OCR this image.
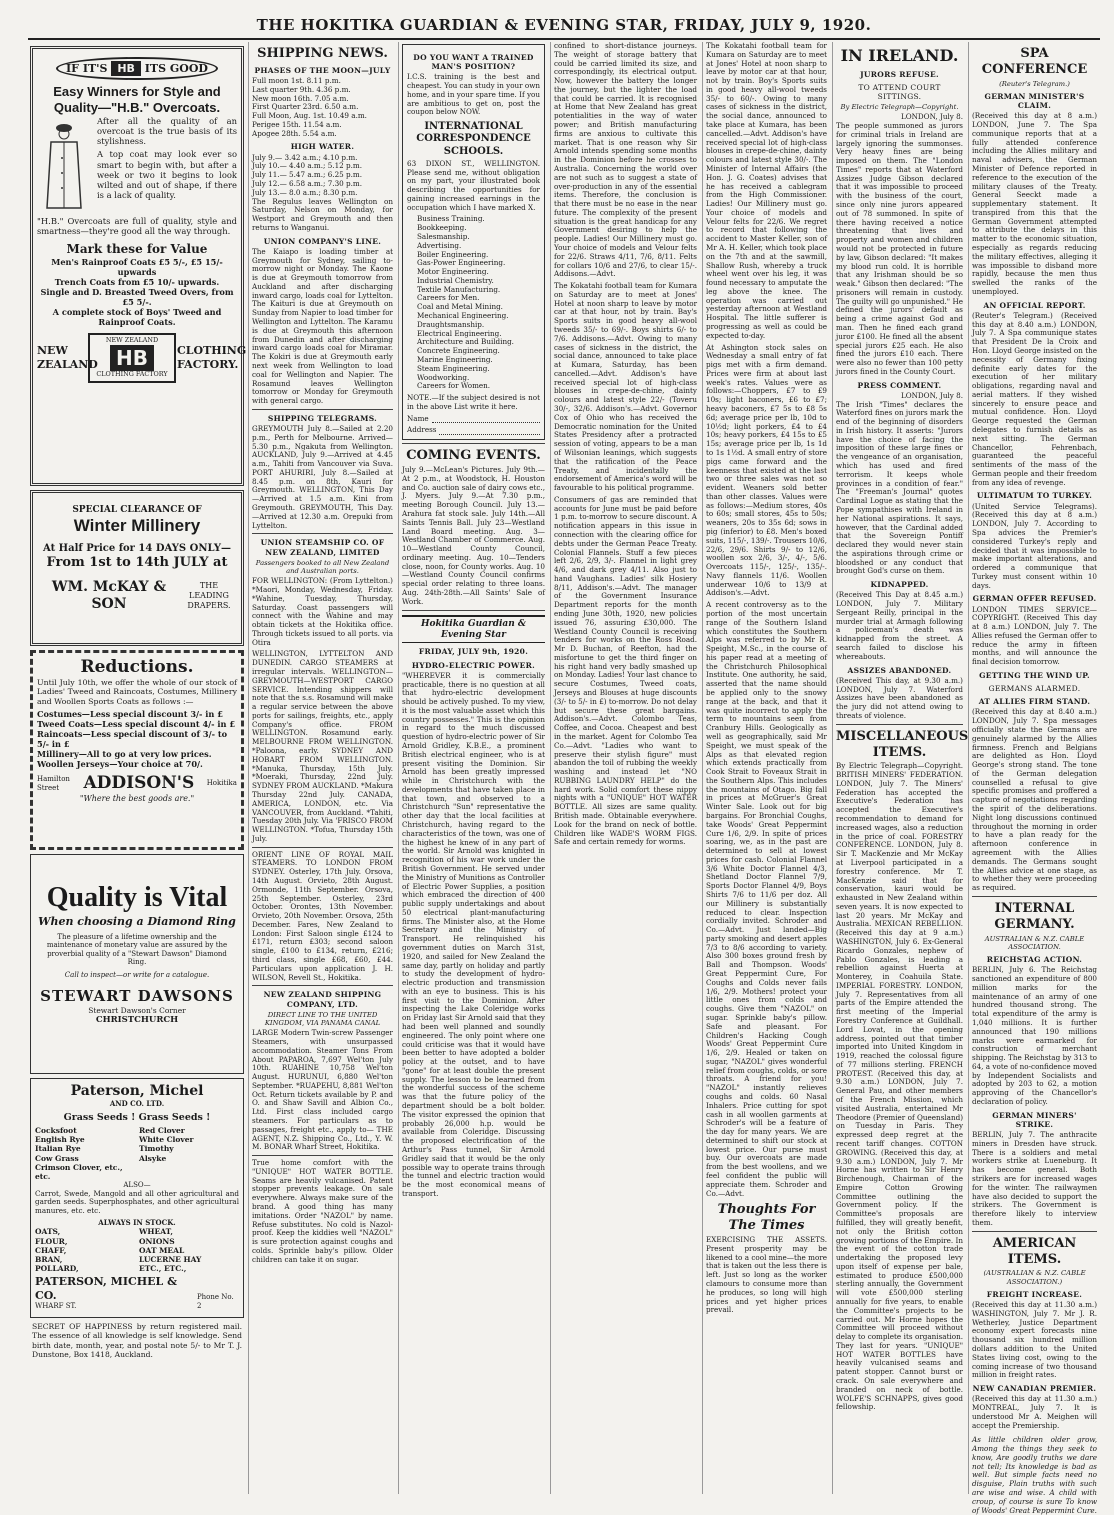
THE HOKITIKA GUARDIAN & EVENING STAR, FRIDAY, JULY 9, 1920.
IF IT'S HB ITS GOOD
Easy Winners for Style and Quality—"H.B." Overcoats.
After all the quality of an overcoat is the true basis of its stylishness.
A top coat may look ever so smart to begin with, but after a week or two it begins to look wilted and out of shape, if there is a lack of quality.
"H.B." Overcoats are full of quality, style and smartness—they're good all the way through.
Mark these for Value
Men's Rainproof Coats £5 5/-, £5 15/- upwards
Trench Coats from £5 10/- upwards.
Single and D. Breasted Tweed Overs, from £5 5/-.
A complete stock of Boys' Tweed and Rainproof Coats.
NEW ZEALAND
NEW ZEALAND
HB
CLOTHING FACTORY
CLOTHING FACTORY.
SPECIAL CLEARANCE OF
Winter Millinery
At Half Price for 14 DAYS ONLY—
From 1st to 14th JULY at
WM. McKAY & SON
THE LEADING DRAPERS.
Reductions.
Until July 10th, we offer the whole of our stock of Ladies' Tweed and Raincoats, Costumes, Millinery and Woollen Sports Coats as follows :—
Costumes—Less special discount 3/- in £
Tweed Coats—Less special discount 4/- in £
Raincoats—Less special discount of 3/- to 5/- in £
Millinery—All to go at very low prices.
Woollen Jerseys—Your choice at 70/.
Hamilton Street	ADDISON'S Hokitika
"Where the best goods are."
Quality is Vital
When choosing a Diamond Ring
The pleasure of a lifetime ownership and the maintenance of monetary value are assured by the proverbial quality of a "Stewart Dawson" Diamond Ring.
Call to inspect—or write for a catalogue.
STEWART DAWSONS
Stewart Dawson's Corner
CHRISTCHURCH
Paterson, Michel
AND CO. LTD.
Grass Seeds ! Grass Seeds !
Cocksfoot
English Rye
Italian Rye
Cow Grass
Crimson Clover, etc., etc.
Red Clover
White Clover
Timothy
Alsyke
ALSO—
Carrot, Swede, Mangold and all other agricultural and garden seeds. Superphosphates, and other agricultural manures, etc. etc.
ALWAYS IN STOCK.
OATS,
FLOUR,
CHAFF,
BRAN,
POLLARD,
WHEAT,
ONIONS
OAT MEAL
LUCERNE HAY
ETC., ETC.,
PATERSON, MICHEL & CO.
WHARF ST.
Phone No. 2
SECRET OF HAPPINESS by return registered mail. The essence of all knowledge is self knowledge. Send birth date, month, year, and postal note 5/- to Mr T. J. Dunstone, Box 1418, Auckland.
SHIPPING NEWS.
PHASES OF THE MOON—JULY
Full moon 1st. 8.11 p.m.
Last quarter 9th. 4.36 p.m.
New moon 16th. 7.05 a.m.
First Quarter 23rd. 6.50 a.m.
Full Moon, Aug. 1st. 10.49 a.m.
Perigee 15th. 11.54 a.m.
Apogee 28th. 5.54 a.m.
HIGH WATER.
July 9.— 3.42 a.m.; 4.10 p.m.
July 10.— 4.40 a.m.; 5.12 p.m.
July 11.— 5.47 a.m.; 6.25 p.m.
July 12.— 6.58 a.m.; 7.30 p.m.
July 13.— 8.0 a.m.; 8.30 p.m.
The Regulus leaves Wellington on Saturday, Nelson on Monday, for Westport and Greymouth and then returns to Wanganui.
UNION COMPANY'S LINE.
The Kaiapo is loading timber at Greymouth for Sydney, sailing to-morrow night or Monday. The Kaone is due at Greymouth tomorrow from Auckland and after discharging inward cargo, loads coal for Lyttelton. The Kaituri is due at Greymouth on Sunday from Napier to load timber for Wellington and Lyttelton. The Karamu is due at Greymouth this afternoon from Dunedin and after discharging inward cargo loads coal for Miramar. The Kokiri is due at Greymouth early next week from Wellington to load coal for Wellington and Napier. The Rosamund leaves Wellington tomorrow or Monday for Greymouth with general cargo.
SHIPPING TELEGRAMS.
GREYMOUTH July 8.—Sailed at 2.20 p.m., Perth for Melbourne. Arrived—5.30 p.m., Ngakuta from Wellington. AUCKLAND, July 9.—Arrived at 4.45 a.m., Tahiti from Vancouver via Suva. PORT AHURIRI, July 8.—Sailed at 8.45 p.m. on 8th, Kauri for Greymouth. WELLINGTON, This Day—Arrived at 1.5 a.m. Kini from Greymouth. GREYMOUTH, This Day.—Arrived at 12.30 a.m. Orepuki from Lyttelton.
UNION STEAMSHIP CO. OF NEW ZEALAND, LIMITED
Passengers booked to all New Zealand and Australian ports.
FOR WELLINGTON: (From Lyttelton.) *Maori, Monday, Wednesday, Friday. *Wahine, Tuesday, Thursday, Saturday. Coast passengers will connect with the Wahine and may obtain tickets at the Hokitika office. Through tickets issued to all ports. via Otira
WELLINGTON, LYTTELTON AND DUNEDIN. CARGO STEAMERS at irregular intervals. WELLINGTON—GREYMOUTH—WESTPORT CARGO SERVICE. Intending shippers will note that the s.s. Rosamund will make a regular service between the above ports for sailings, freights, etc., apply Company's office. FROM WELLINGTON. Rosamund early. MELBOURNE FROM WELLINGTON. *Paloona, early. SYDNEY AND HOBART FROM WELLINGTON. *Manuka, Thursday, 15th July. *Moeraki, Thursday, 22nd July. SYDNEY FROM AUCKLAND. *Makura Thursday 22nd July. CANADA, AMERICA, LONDON, etc. Via VANCOUVER, from Auckland. *Tahiti, Tuesday 20th July. Via 'FRISCO FROM WELLINGTON. *Tofua, Thursday 15th July.
ORIENT LINE OF ROYAL MAIL STEAMERS. TO LONDON FROM SYDNEY. Osterley, 17th July. Orsova, 14th August. Orvieto, 28th August. Ormonde, 11th September. Orsova, 25th September. Osterley, 23rd October. Orontes, 13th November. Orvieto, 20th November. Orsova, 25th December. Fares, New Zealand to London: First Saloon single £124 to £171, return £303; second saloon single, £100 to £134, return, £216; third class, single £68, £60, £44. Particulars upon application J. H. WILSON, Revell St., Hokitika.
NEW ZEALAND SHIPPING COMPANY, LTD.
DIRECT LINE TO THE UNITED KINGDOM, VIA PANAMA CANAL
LARGE Modern Twin-screw Passenger Steamers, with unsurpassed accommodation. Steamer Tons From About PAPAROA, 7,697 Wel'ton July 10th. RUAHINE 10,758 Wel'ton August. HURUNUI, 6,880 Wel'ton September. *RUAPEHU, 8,881 Wel'ton Oct. Return tickets available by P. and O. and Shaw Savill and Albion Co., Ltd. First class included cargo steamers. For particulars as to passages, freight etc., apply to— THE AGENT, N.Z. Shipping Co., Ltd., Y. W. M. BONAR Wharf Street, Hokitika.
True home comfort with the "UNIQUE" HOT WATER BOTTLE. Seams are heavily vulcanised. Patent stopper prevents leakage. On sale everywhere. Always make sure of the brand. A good thing has many imitations. Order "NAZOL" by name. Refuse substitutes. No cold is Nazol-proof. Keep the kiddies well "NAZOL" is sure protection against coughs and colds. Sprinkle baby's pillow. Older children can take it on sugar.
DO YOU WANT A TRAINED MAN'S POSITION?
I.C.S. training is the best and cheapest. You can study in your own home, and in your spare time. If you are ambitious to get on, post the coupon below NOW.
INTERNATIONAL CORRESPONDENCE SCHOOLS.
63 DIXON ST., WELLINGTON. Please send me, without obligation on my part, your illustrated book describing the opportunities for gaining increased earnings in the occupation which I have marked X.
Business Training.
Bookkeeping.
Salesmanship.
Advertising.
Boiler Engineering.
Gas-Power Engineering.
Motor Engineering.
Industrial Chemistry.
Textile Manufacturing.
Careers for Men.
Coal and Metal Mining.
Mechanical Engineering.
Draughtsmanship.
Electrical Engineering.
Architecture and Building.
Concrete Engineering.
Marine Engineering.
Steam Engineering.
Woodworking.
Careers for Women.
NOTE.—If the subject desired is not in the above List write it here.
Name
Address
COMING EVENTS.
July 9.—McLean's Pictures. July 9th.—At 2 p.m., at Woodstock, H. Houston and Co. auction sale of dairy cows etc., J. Myers. July 9.—At 7.30 p.m., meeting Borough Council. July 13.—Arahura fat stock sale. July 14th.—All Saints Tennis Ball. July 23—Westland Land Board meeting. Aug. 3—Westland Chamber of Commerce. Aug. 10—Westland County Council, ordinary meeting. Aug. 10—Tenders close, noon, for County works. Aug. 10—Westland County Council confirms special order relating to three loans. Aug. 24th-28th.—All Saints' Sale of Work.
Hokitika Guardian & Evening Star
FRIDAY, JULY 9th, 1920.
HYDRO-ELECTRIC POWER.
"WHEREVER it is commercially practicable, there is no question at all that hydro-electric development should be actively pushed. To my view, it is the most valuable asset which this country possesses." This is the opinion in regard to the much discussed question of hydro-electric power of Sir Arnold Gridley, K.B.E., a prominent British electrical engineer, who is at present visiting the Dominion. Sir Arnold has been greatly impressed while in Christchurch with the developments that have taken place in that town, and observed to a Christchurch "Sun" representative the other day that the local facilities at Christchurch, having regard to the characteristics of the town, was one of the highest he knew of in any part of the world. Sir Arnold was knighted in recognition of his war work under the British Government. He served under the Ministry of Munitions as Controller of Electric Power Supplies, a position which embraced the direction of 400 public supply undertakings and about 50 electrical plant-manufacturing firms. The Minister also, at the Home Secretary and the Ministry of Transport. He relinquished his government duties on March 31st, 1920, and sailed for New Zealand the same day, partly on holiday and partly to study the development of hydro-electric production and transmission with an eye to business. This is his first visit to the Dominion. After inspecting the Lake Coleridge works on Friday last Sir Arnold said that they had been well planned and soundly engineered. The only point where one could criticise was that it would have been better to have adopted a bolder policy at the outset, and to have "gone" for at least double the present supply. The lesson to be learned from the wonderful success of the scheme was that the future policy of the department should be a bolt bolder. The visitor expressed the opinion that probably 26,000 h.p. would be available from Coleridge. Discussing the proposed electrification of the Arthur's Pass tunnel, Sir Arnold Gridley said that it would be the only possible way to operate trains through the tunnel and electric traction would be the most economical means of transport.
confined to short-distance journeys. The weight of storage battery that could be carried limited its size, and correspondingly, its electrical output. Now, however the battery the longer the journey, but the lighter the load that could be carried. It is recognised at Home that New Zealand has great potentialities in the way of water power; and British manufacturing firms are anxious to cultivate this market. That is one reason why Sir Arnold intends spending some months in the Dominion before he crosses to Australia. Concerning the world over are not such as to suggest a state of over-production in any of the essential items. Therefore, the conclusion is that there must be no ease in the near future. The complexity of the present situation is the great handicap for any Government desiring to help the people. Ladies! Our Millinery must go. Your choice of models and Velour felts for 22/6. Straws 4/11, 7/6, 8/11. Felts for collars 10/6 and 27/6, to clear 15/-. Addisons.—Advt.
The Kokatahi football team for Kumara on Saturday are to meet at Jones' Hotel at noon sharp to leave by motor car at that hour, not by train. Bay's Sports suits in good heavy all-wool tweeds 35/- to 69/-. Boys shirts 6/- to 7/6. Addisons.—Advt. Owing to many cases of sickness in the district, the social dance, announced to take place at Kumara, Saturday, has been cancelled.—Advt. Addison's have received special lot of high-class blouses in crepe-de-chine, dainty colours and latest style 22/- (Toveru 30/-, 32/6. Addison's.—Advt. Governor Cox of Ohio who has received the Democratic nomination for the United States Presidency after a protracted session of voting, appears to be a man of Wilsonian leanings, which suggests that the ratification of the Peace Treaty, and incidentally the endorsement of America's word will be favourable to his political programme.
Consumers of gas are reminded that accounts for June must be paid before 1 p.m. to-morrow to secure discount. A notification appears in this issue in connection with the clearing office for debts under the German Peace Treaty. Colonial Flannels. Stuff a few pieces left 2/6, 2/9, 3/-. Flannel in light grey 4/6, and dark grey 4/11. Also just to hand Vaughans. Ladies' silk Hosiery 8/11, Addison's.—Advt. The manager of the Government Insurance Department reports for the month ending June 30th, 1920, new policies issued 76, assuring £30,000. The Westland County Council is receiving tenders for works on the Ross Road. Mr D. Buchan, of Reefton, had the misfortune to get the third finger on his right hand very badly smashed up on Monday. Ladies! Your last chance to secure Costumes, Tweed coats, Jerseys and Blouses at huge discounts (3/- to 5/- in £) to-morrow. Do not delay but secure these great bargains. Addison's.—Advt. Colombo Teas, Coffee, and Cocoa. Cheapest and best in the market. Agent for Colombo Tea Co.—Advt. "Ladies who want to preserve their stylish figure" must abandon the toil of rubbing the weekly washing and instead let "NO RUBBING LAUNDRY HELP" do the hard work. Solid comfort these nippy nights with a "UNIQUE" HOT WATER BOTTLE. All sizes are same quality. British made. Obtainable everywhere. Look for the brand on neck of bottle. Children like WADE'S WORM FIGS. Safe and certain remedy for worms.
The Kokatahi football team for Kumara on Saturday are to meet at Jones' Hotel at noon sharp to leave by motor car at that hour, not by train. Boy's Sports suits in good heavy all-wool tweeds 35/- to 60/-. Owing to many cases of sickness in the district, the social dance, announced to take place at Kumara, has been cancelled.—Advt. Addison's have received special lot of high-class blouses in crepe-de-chine, dainty colours and latest style 30/-. The Minister of Internal Affairs (the Hon. J. G. Coates) advises that he has received a cablegram from the High Commissioner. Ladies! Our Millinery must go. Your choice of models and Velour felts for 22/6. We regret to record that following the accident to Master Keller, son of Mr A. H. Keller, which took place on the 7th and at the sawmill, Shallow Rush, whereby a truck wheel went over his leg, it was found necessary to amputate the leg above the knee. The operation was carried out yesterday afternoon at Westland Hospital. The little sufferer is progressing as well as could be expected to-day.
At Ashington stock sales on Wednesday a small entry of fat pigs met with a firm demand. Prices were firm at about last week's rates. Values were as follows:—Choppers, £7 to £9 10s; light baconers, £6 to £7; heavy baconers, £7 5s to £8 5s 6d; average price per lb, 10d to 10½d; light porkers, £4 to £4 10s; heavy porkers, £4 15s to £5 15s; average price per lb, 1s 1d to 1s 1½d. A small entry of store pigs came forward and the keenness that existed at the last two or three sales was not so evident. Weaners sold better than other classes. Values were as follows:—Medium stores, 40s to 60s; small stores, 45s to 50s; weaners, 20s to 35s 6d; sows in pig (inferior) to £8. Men's boxed suits, 115/-, 139/-. Trousers 10/6, 22/6, 29/6. Shirts 9/- to 12/6, woollen sox 2/6, 3/-, 4/-, 5/6. Overcoats 115/-, 125/-, 135/-. Navy flannels 11/6. Woollen underwear 10/6 to 13/9 at Addison's.—Advt.
A recent controversy as to the portion of the most uncertain range of the Southern Island which constitutes the Southern Alps was referred to by Mr R. Speight, M.Sc., in the course of his paper read at a meeting of the Christchurch Philosophical Institute. One authority, he said, asserted that the name should be applied only to the snowy range at the back, and that it was quite incorrect to apply the term to mountains seen from Cranbury Hills. Geologically as well as geographically, said Mr Speight, we must speak of the Alps as that elevated region which extends practically from Cook Strait to Foveaux Strait in the Southern Alps. This includes the mountains of Otago. Big fall in prices at McGruer's Great Winter Sale. Look out for big bargains. For Bronchial Coughs, take Woods' Great Peppermint Cure 1/6, 2/9. In spite of prices soaring, we, as in the past are determined to sell at lowest prices for cash. Colonial Flannel 3/6 White Doctor Flannel 4/3, Shetland Doctor Flannel 7/9, Sports Doctor Flannel 4/9, Boys Shirts 7/6 to 11/6 per doz. All our Millinery is substantially reduced to clear. Inspection cordially invited. Schroder and Co.—Advt. Just landed—Big party smoking and desert apples 7/3 to 8/6 according to variety. Also 300 boxes ground fresh by Ball and Thompson. Woods' Great Peppermint Cure, For Coughs and Colds never fails 1/6, 2/9. Mothers! protect your little ones from colds and coughs. Give them "NAZOL" on sugar. Sprinkle baby's pillow. Safe and pleasant. For Children's Hacking Cough Woods' Great Peppermint Cure 1/6, 2/9. Healed or taken on sugar, "NAZOL" gives wonderful relief from coughs, colds, or sore throats. A friend for you! "NAZOL" instantly relieves coughs and colds. 60 Nasal Inhalers. Price cutting for spot cash in all woollen garments at Schroder's will be a feature of the day for many years. We are determined to shift our stock at lowest price. Our purse must buy. Our overcoats are made from the best woollens, and we feel confident the public will appreciate them. Schroder and Co.—Advt.
Thoughts For The Times
EXERCISING THE ASSETS. Present prosperity may be likened to a cool mine—the more that is taken out the less there is left. Just so long as the worker clamours to consume more than he produces, so long will high prices and yet higher prices prevail.
IN IRELAND.
JURORS REFUSE.
TO ATTEND COURT SITTINGS.
By Electric Telegraph—Copyright.
LONDON, July 8.
The people summoned as jurors for criminal trials in Ireland are largely ignoring the summonses. Very heavy fines are being imposed on them. The "London Times" reports that at Waterford Assizes Judge Gibson declared that it was impossible to proceed with the business of the court, since only nine jurors appeared out of 78 summoned. In spite of there having received a notice threatening that lives and property and women and children would not be protected in future by law, Gibson declared: "It makes my blood run cold. It is horrible that any Irishman should be so weak." Gibson then declared: "The prisoners will remain in custody. The guilty will go unpunished." He defined the jurors' default as being a crime against God and man. Then he fined each grand juror £100. He fined all the absent special jurors £25 each. He also fined the jurors £10 each. There were also no fewer than 100 petty jurors fined in the County Court.
PRESS COMMENT.
LONDON, July 8.
The Irish "Times" declares the Waterford fines on jurors mark the end of the beginning of disorders in Irish history. It asserts: "Jurors have the choice of facing the imposition of these large fines or the vengeance of an organisation, which has used and fired terrorism. It keeps whole provinces in a condition of fear." The "Freeman's Journal" quotes Cardinal Logue as stating that the Pope sympathises with Ireland in her National aspirations. It says, however, that the Cardinal added that the Sovereign Pontiff declared they would never stain the aspirations through crime or bloodshed or any conduct that brought God's curse on them.
KIDNAPPED.
(Received This Day at 8.45 a.m.) LONDON, July 7. Military Sergeant Reilly, principal in the murder trial at Armagh following a policeman's death was kidnapped from the street. A search failed to disclose his whereabouts.
ASSIZES ABANDONED.
(Received This day, at 9.30 a.m.) LONDON, July 7. Waterford Assizes have been abandoned as the jury did not attend owing to threats of violence.
MISCELLANEOUS ITEMS.
By Electric Telegraph—Copyright. BRITISH MINERS' FEDERATION. LONDON, July 7. The Miners' Federation has accepted the Executive's Federation has accepted the Executive's recommendation to demand for increased wages, also a reduction in the price of coal. FORESTRY CONFERENCE. LONDON, July 8. Sir T. MacKenzie and Mr McKay at Liverpool participated in a forestry conference. Mr T. MacKenzie said that for conservation, kauri would be exhausted in New Zealand within seven years. It is now expected to last 20 years. Mr McKay and Australia. MEXICAN REBELLION. (Received this day at 9 a.m.) WASHINGTON, July 6. Ex-General Ricardo Gonzales, nephew of Pablo Gonzales, is leading a rebellion against Huerta at Monterey, in Coahuila State. IMPERIAL FORESTRY. LONDON, July 7. Representatives from all parts of the Empire attended the first meeting of the Imperial Forestry Conference at Guildhall. Lord Lovat, in the opening address, pointed out that timber imported into United Kingdom in 1919, reached the colossal figure of 77 millions sterling. FRENCH PROTEST. (Received this day, at 9.30 a.m.) LONDON, July 7. General Pau, and other members of the French Mission, which visited Australia, entertained Mr Theodore (Premier of Queensland) on Tuesday in Paris. They expressed deep regret at the recent tariff changes. COTTON GROWING. (Received this day, at 9.30 a.m.) LONDON, July 7. Mr Horne has written to Sir Henry Birchenough, Chairman of the Empire Cotton Growing Committee outlining the Government policy. If the Committee's proposals are fulfilled, they will greatly benefit, not only the British cotton growing portions of the Empire. In the event of the cotton trade undertaking the proposed levy upon itself of expense per bale, estimated to produce £500,000 sterling annually, the Government will vote £500,000 sterling annually for five years, to enable the Committee's projects to be carried out. Mr Horne hopes the Committee will proceed without delay to complete its organisation. They last for years. "UNIQUE" HOT WATER BOTTLES have heavily vulcanised seams and patent stopper. Cannot burst or crack. On sale everywhere and branded on neck of bottle. WOLFE'S SCHNAPPS, gives good fellowship.
SPA CONFERENCE
(Reuter's Telegram.)
GERMAN MINISTER'S CLAIM.
(Received this day at 8 a.m.) LONDON, June 7. The Spa communique reports that at a fully attended conference including the Allies military and naval advisers, the German Minister of Defence reported in reference to the execution of the military clauses of the Treaty. General Seeckt made a supplementary statement. It transpired from this that the German Government attempted to attribute the delays in this matter to the economic situation, especially as regards reducing the military effectives, alleging it was impossible to disband more rapidly, because the men thus swelled the ranks of the unemployed.
AN OFFICIAL REPORT.
(Reuter's Telegram.) (Received this day at 8.40 a.m.) LONDON, July 7. A Spa communique states that President De la Croix and Hon. Lloyd George insisted on the necessity of Germany fixing definite early dates for the execution of her military obligations, regarding naval and aerial matters. If they wished sincerely to ensure peace and mutual confidence. Hon. Lloyd George requested the German delegates to furnish details as next sitting. The German Chancellor, Fehrenbach, guaranteed the peaceful sentiments of the mass of the German people and their freedom from any idea of revenge.
ULTIMATUM TO TURKEY.
(United Service Telegrams). (Received this day at 8 a.m.) LONDON, July 7. According to Spa advices the Premier's considered Turkey's reply and decided that it was impossible to make important alterations, and ordered a communique that Turkey must consent within 10 days.
GERMAN OFFER REFUSED.
LONDON TIMES SERVICE—COPYRIGHT. (Received This day at 8 a.m.) LONDON, July 7. The Allies refused the German offer to reduce the army in fifteen months, and will announce the final decision tomorrow.
GETTING THE WIND UP.
GERMANS ALARMED.
AT ALLIES FIRM STAND.
(Received this day at 8.40 a.m.) LONDON, July 7. Spa messages officially state the Germans are genuinely alarmed by the Allies firmness. French and Belgians are delighted as Hon. Lloyd George's strong stand. The tone of the German delegation counselled a refusal to give specific promises and proffered a capture of negotiations regarding the spirit of the deliberations. Night long discussions continued throughout the morning in order to have a plan ready for the afternoon conference in agreement with the Allies demands. The Germans sought the Allies advice at one stage, as to whether they were proceeding as required.
INTERNAL GERMANY.
AUSTRALIAN & N.Z. CABLE ASSOCIATION.
REICHSTAG ACTION.
BERLIN, July 6. The Reichstag sanctioned an expenditure of 800 million marks for the maintenance of an army of one hundred thousand strong. The total expenditure of the army is 1,040 millions. It is further announced that 190 millions marks were earmarked for construction of merchant shipping. The Reichstag by 313 to 64, a vote of no-confidence moved by Independent Socialists and adopted by 203 to 62, a motion approving of the Chancellor's declaration of policy.
GERMAN MINERS' STRIKE.
BERLIN, July 7. The anthracite miners in Dresden have struck. There is a soldiers and metal workers strike at Lueneburg. It has become general. Both strikers are for increased wages for the winter. The railwaymen have also decided to support the strikers. The Government is therefore likely to interview them.
AMERICAN ITEMS.
(AUSTRALIAN & N.Z. CABLE ASSOCIATION.)
FREIGHT INCREASE.
(Received this day at 11.30 a.m.) WASHINGTON, July 7. Mr J. R. Wetherley, Justice Department economy expert forecasts nine thousand six hundred million dollars addition to the United States living cost, owing to the coming increase of two thousand million in freight rates.
NEW CANADIAN PREMIER.
(Received this day at 11.30 a.m.) MONTREAL, July 7. It is understood Mr A. Meighen will accept the Premiership.
As little children older grow, Among the things they seek to know, Are goodly truths we dare not tell; Its knowledge is bad as well. But simple facts need no disguise, Plain truths with such are wise and wise. A child with croup, of course is sure To know of Woods' Great Peppermint Cure.
